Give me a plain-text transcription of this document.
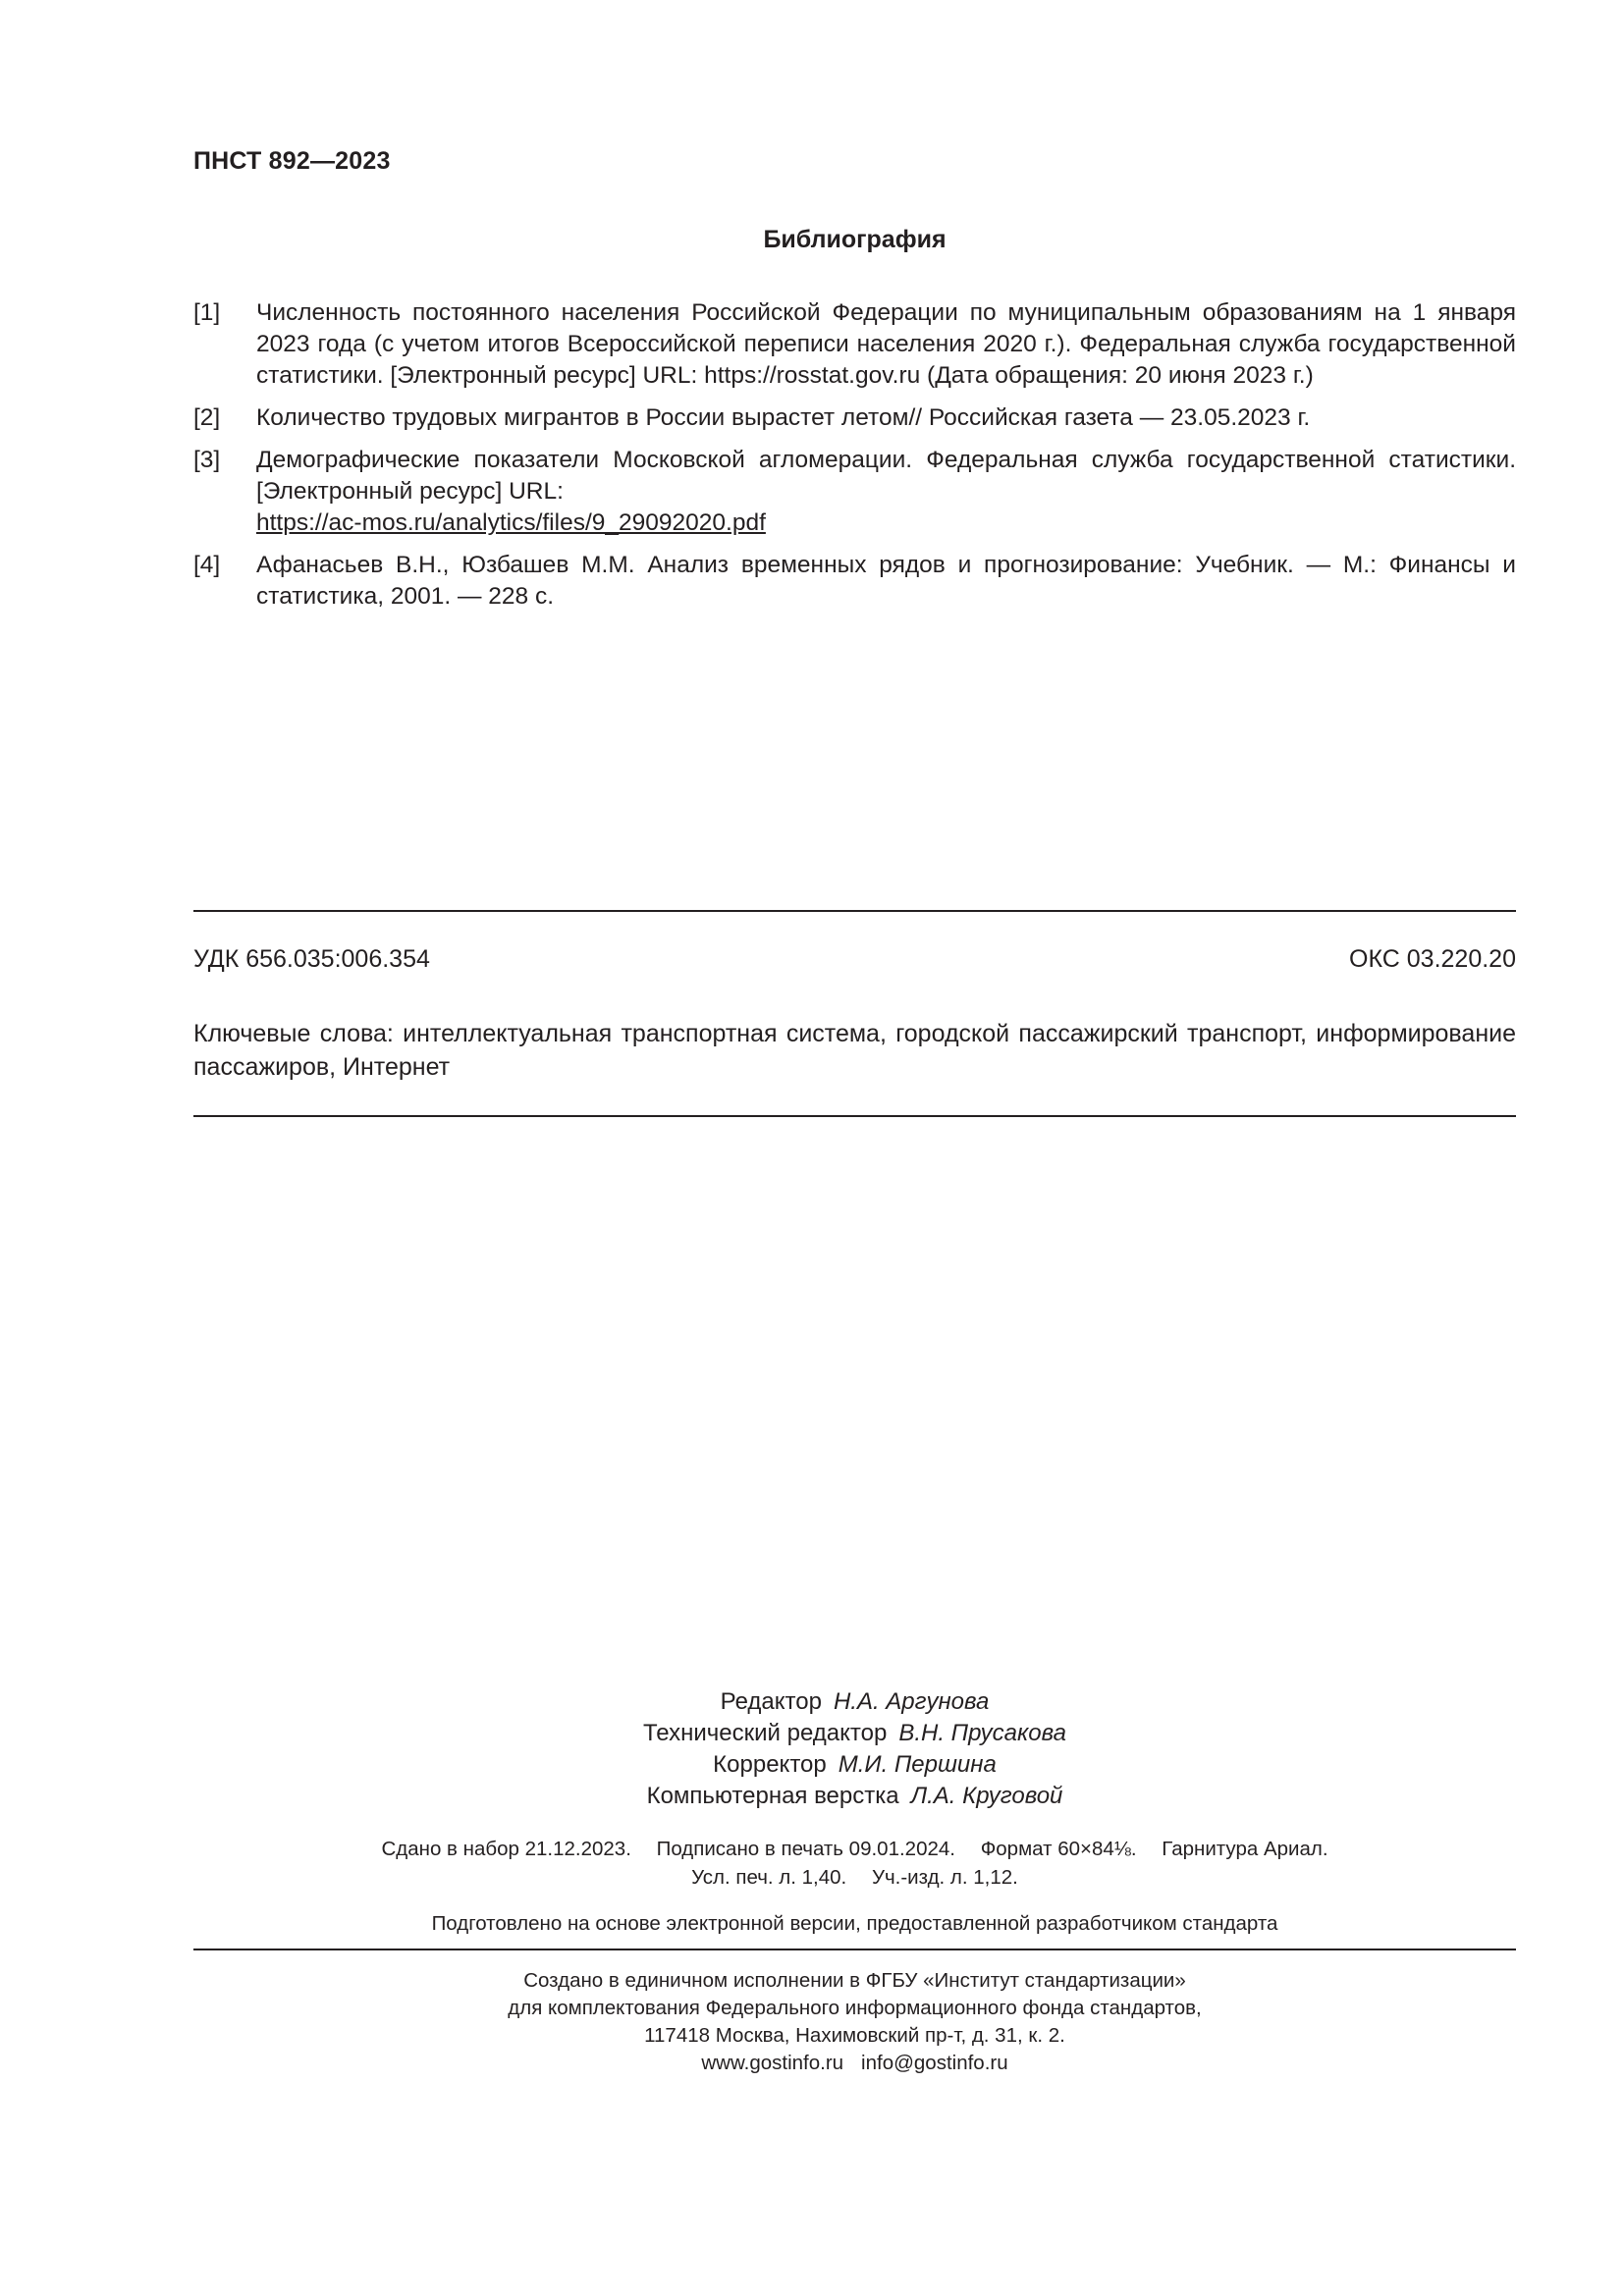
ПНСТ 892—2023
Библиография
[1]	Численность постоянного населения Российской Федерации по муниципальным образованиям на 1 января 2023 года (с учетом итогов Всероссийской переписи населения 2020 г.). Федеральная служба государственной статистики. [Электронный ресурс] URL: https://rosstat.gov.ru (Дата обращения: 20 июня 2023 г.)
[2]	Количество трудовых мигрантов в России вырастет летом// Российская газета — 23.05.2023 г.
[3]	Демографические показатели Московской агломерации. Федеральная служба государственной статистики. [Электронный ресурс] URL:
https://ac-mos.ru/analytics/files/9_29092020.pdf
[4]	Афанасьев В.Н., Юзбашев М.М. Анализ временных рядов и прогнозирование: Учебник. — М.: Финансы и статистика, 2001. — 228 с.
УДК 656.035:006.354	ОКС 03.220.20
Ключевые слова: интеллектуальная транспортная система, городской пассажирский транспорт, информирование пассажиров, Интернет
Редактор Н.А. Аргунова
Технический редактор В.Н. Прусакова
Корректор М.И. Першина
Компьютерная верстка Л.А. Круговой
Сдано в набор 21.12.2023. Подписано в печать 09.01.2024. Формат 60×84⅛. Гарнитура Ариал.
Усл. печ. л. 1,40. Уч.-изд. л. 1,12.
Подготовлено на основе электронной версии, предоставленной разработчиком стандарта
Создано в единичном исполнении в ФГБУ «Институт стандартизации»
для комплектования Федерального информационного фонда стандартов,
117418 Москва, Нахимовский пр-т, д. 31, к. 2.
www.gostinfo.ru info@gostinfo.ru
